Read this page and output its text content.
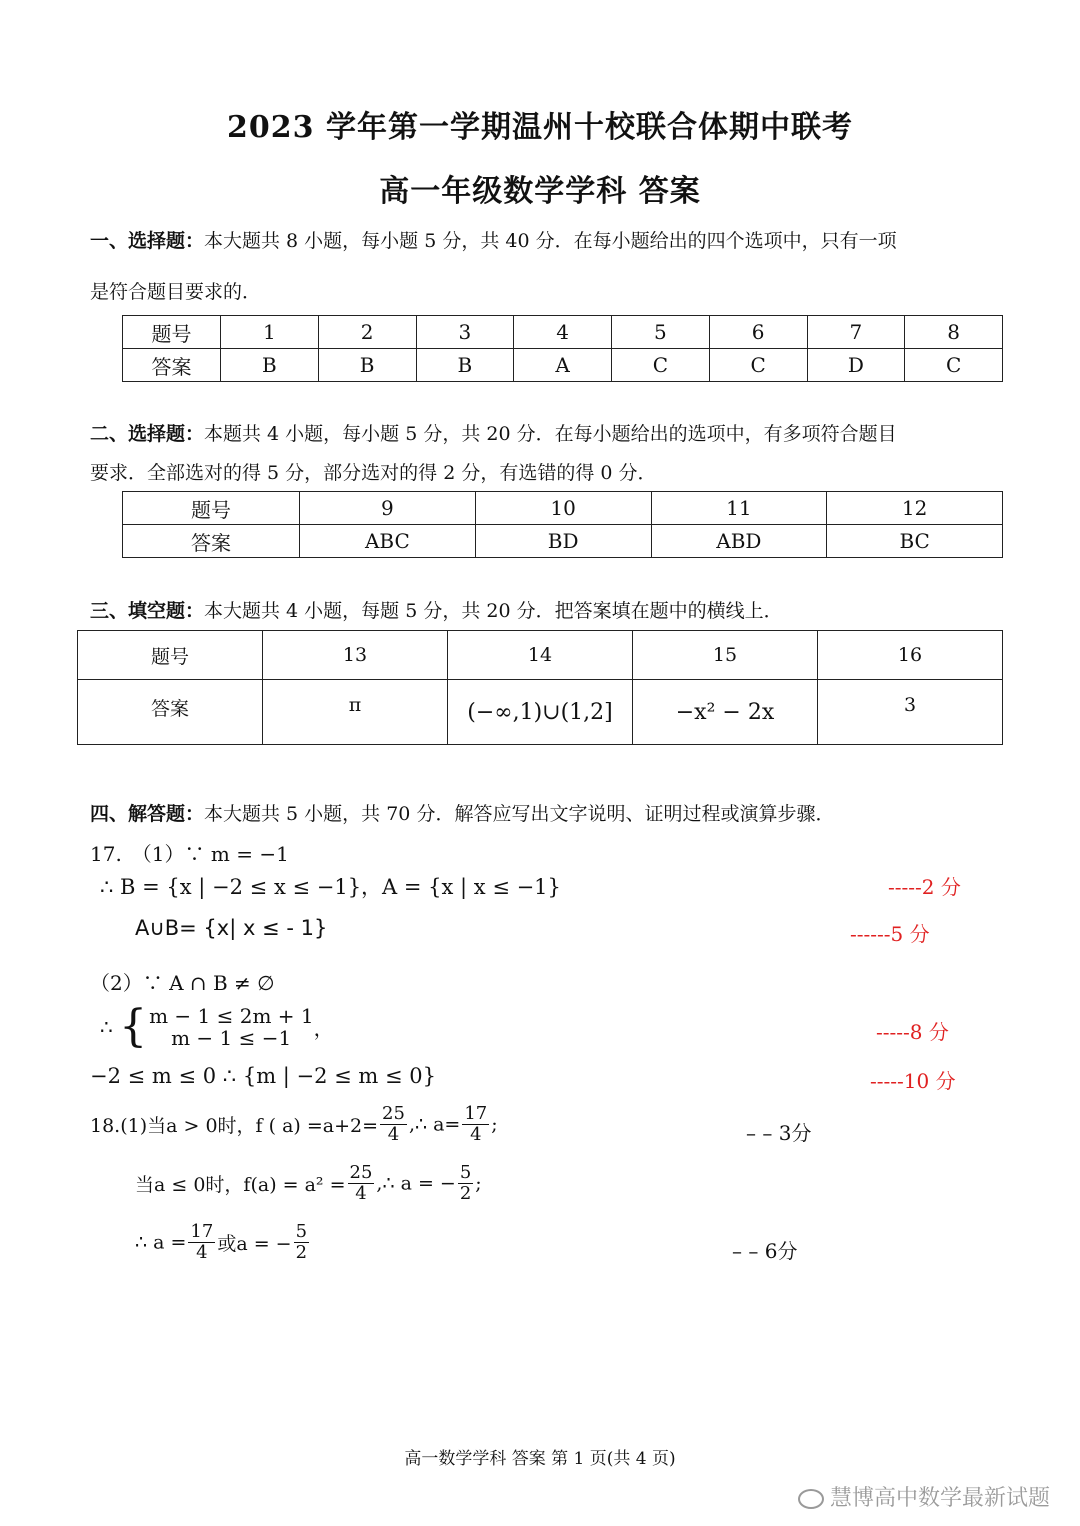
2023 学年第一学期温州十校联合体期中联考
高一年级数学学科 答案
一、选择题：本大题共 8 小题，每小题 5 分，共 40 分．在每小题给出的四个选项中，只有一项
是符合题目要求的．
题号	1	2	3	4	5	6	7	8
答案	B	B	B	A	C	C	D	C
二、选择题：本题共 4 小题，每小题 5 分，共 20 分．在每小题给出的选项中，有多项符合题目
要求．全部选对的得 5 分，部分选对的得 2 分，有选错的得 0 分．
题号	9	10	11	12
答案	ABC	BD	ABD	BC
三、填空题：本大题共 4 小题，每题 5 分，共 20 分．把答案填在题中的横线上．
题号	13	14	15	16
答案	π	(−∞,1)∪(1,2]	−x² − 2x	3
四、解答题：本大题共 5 小题，共 70 分．解答应写出文字说明、证明过程或演算步骤．
17.　（1）∵ m = −1
∴ B = {x | −2 ≤ x ≤ −1}，A = {x | x ≤ −1}	-----2 分
A∪B= {x| x ≤ - 1}	------5 分
（2）∵ A ∩ B ≠ ∅
∴ { m − 1 ≤ 2m + 1
m − 1 ≤ −1	，	-----8 分
−2 ≤ m ≤ 0 ∴ {m | −2 ≤ m ≤ 0}	-----10 分
18.(1)当a > 0时，f ( $a) =a+2= \frac{25}{4}$ ,∴ $a= \frac{17}{4}$ ;	– – 3分
当a ≤ 0时，$f(a) = a^2 = \frac{25}{4}$ ,∴ a = − $\frac{5}{2}$ ;
∴ $a = \frac{17}{4}$ 或a = − $\frac{5}{2}$	– – 6分
高一数学学科 答案 第 1 页(共 4 页)
慧博高中数学最新试题
